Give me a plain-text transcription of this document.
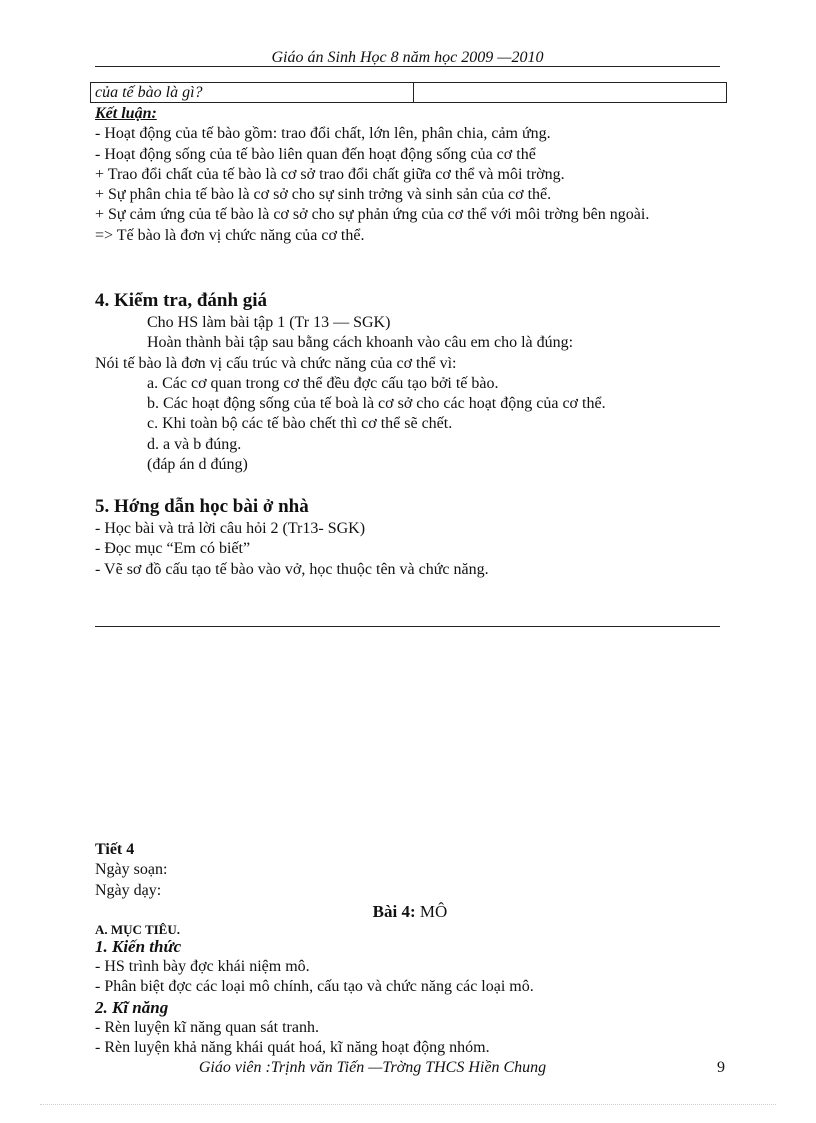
Giáo án Sinh Học 8 năm học 2009 —2010
của tế bào là gì?
Kết luận:
- Hoạt động của tế bào gồm: trao đổi chất, lớn lên, phân chia, cảm ứng.
- Hoạt động sống của tế bào liên quan đến hoạt động sống của cơ thể
+ Trao đổi chất của tế bào là cơ sở trao đổi chất giữa cơ thể và môi trờng.
+ Sự phân chia tế bào là cơ sở cho sự sinh trởng và sinh sản của cơ thể.
+ Sự cảm ứng của tế bào là cơ sở cho sự phản ứng của cơ thể với môi trờng bên ngoài.
=> Tế bào là đơn vị chức năng của cơ thể.
4. Kiểm tra, đánh giá
Cho HS làm bài tập 1 (Tr 13 — SGK)
Hoàn thành bài tập sau bằng cách khoanh vào câu em cho là đúng:
Nói tế bào là đơn vị cấu trúc và chức năng của cơ thể vì:
a. Các cơ quan trong cơ thể đều đợc cấu tạo bởi tế bào.
b. Các hoạt động sống của tế boà là cơ sở cho các hoạt động của cơ thể.
c. Khi toàn bộ các tế bào chết thì cơ thể sẽ chết.
d. a và b đúng.
(đáp án d đúng)
5. Hớng dẫn học bài ở nhà
- Học bài và trả lời câu hỏi 2 (Tr13- SGK)
- Đọc mục “Em có biết”
- Vẽ sơ đồ cấu tạo tế bào vào vở, học thuộc tên và chức năng.
Tiết 4
Ngày soạn:
Ngày dạy:
Bài 4: MÔ
A. MỤC TIÊU.
1. Kiến thức
- HS trình bày đợc khái niệm mô.
- Phân biệt đợc các loại mô chính, cấu tạo và chức năng các loại mô.
2. Kĩ năng
- Rèn luyện kĩ năng quan sát tranh.
- Rèn luyện khả năng khái quát hoá, kĩ năng hoạt động nhóm.
Giáo viên :Trịnh văn Tiến —Trờng THCS Hiền Chung	9
